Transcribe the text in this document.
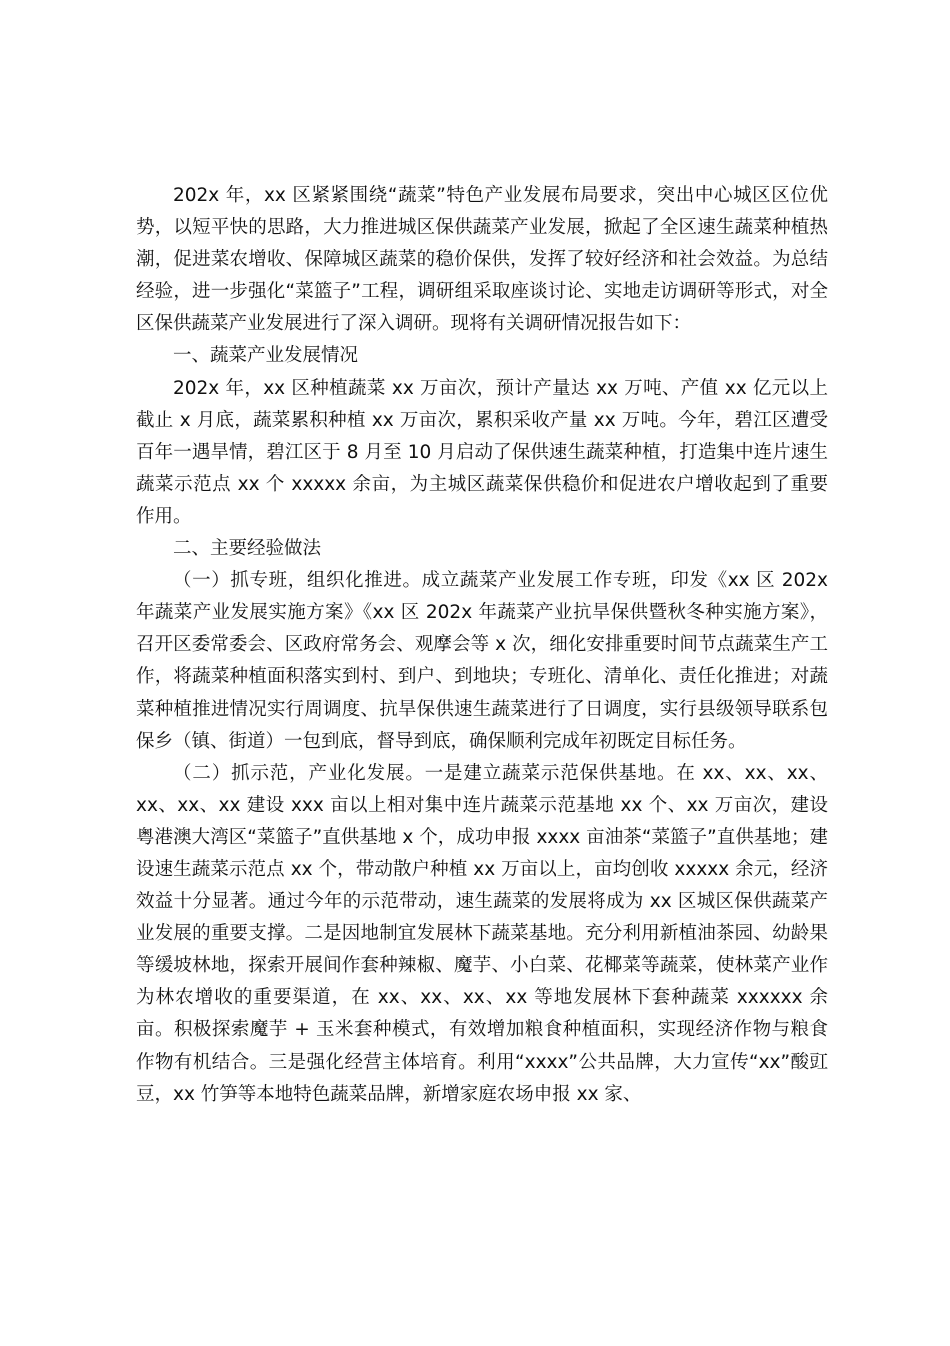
202x 年，xx 区紧紧围绕“蔬菜”特色产业发展布局要求，突出中心城区区位优势，以短平快的思路，大力推进城区保供蔬菜产业发展，掀起了全区速生蔬菜种植热潮，促进菜农增收、保障城区蔬菜的稳价保供，发挥了较好经济和社会效益。为总结经验，进一步强化“菜篮子”工程，调研组采取座谈讨论、实地走访调研等形式，对全区保供蔬菜产业发展进行了深入调研。现将有关调研情况报告如下：

一、蔬菜产业发展情况

202x 年，xx 区种植蔬菜 xx 万亩次，预计产量达 xx 万吨、产值 xx 亿元以上截止 x 月底，蔬菜累积种植 xx 万亩次，累积采收产量 xx 万吨。今年，碧江区遭受百年一遇旱情，碧江区于 8 月至 10 月启动了保供速生蔬菜种植，打造集中连片速生蔬菜示范点 xx 个 xxxxx 余亩，为主城区蔬菜保供稳价和促进农户增收起到了重要作用。

二、主要经验做法

（一）抓专班，组织化推进。成立蔬菜产业发展工作专班，印发《xx 区 202x 年蔬菜产业发展实施方案》《xx 区 202x 年蔬菜产业抗旱保供暨秋冬种实施方案》，召开区委常委会、区政府常务会、观摩会等 x 次，细化安排重要时间节点蔬菜生产工作，将蔬菜种植面积落实到村、到户、到地块；专班化、清单化、责任化推进；对蔬菜种植推进情况实行周调度、抗旱保供速生蔬菜进行了日调度，实行县级领导联系包保乡（镇、街道）一包到底，督导到底，确保顺利完成年初既定目标任务。

（二）抓示范，产业化发展。一是建立蔬菜示范保供基地。在 xx、xx、xx、xx、xx、xx 建设 xxx 亩以上相对集中连片蔬菜示范基地 xx 个、xx 万亩次，建设粤港澳大湾区“菜篮子”直供基地 x 个，成功申报 xxxx 亩油茶“菜篮子”直供基地；建设速生蔬菜示范点 xx 个，带动散户种植 xx 万亩以上，亩均创收 xxxxx 余元，经济效益十分显著。通过今年的示范带动，速生蔬菜的发展将成为 xx 区城区保供蔬菜产业发展的重要支撑。二是因地制宜发展林下蔬菜基地。充分利用新植油茶园、幼龄果等缓坡林地，探索开展间作套种辣椒、魔芋、小白菜、花椰菜等蔬菜，使林菜产业作为林农增收的重要渠道，在 xx、xx、xx、xx 等地发展林下套种蔬菜 xxxxxx 余亩。积极探索魔芋 + 玉米套种模式，有效增加粮食种植面积，实现经济作物与粮食作物有机结合。三是强化经营主体培育。利用“xxxx”公共品牌，大力宣传“xx”酸豇豆，xx 竹笋等本地特色蔬菜品牌，新增家庭农场申报 xx 家、
